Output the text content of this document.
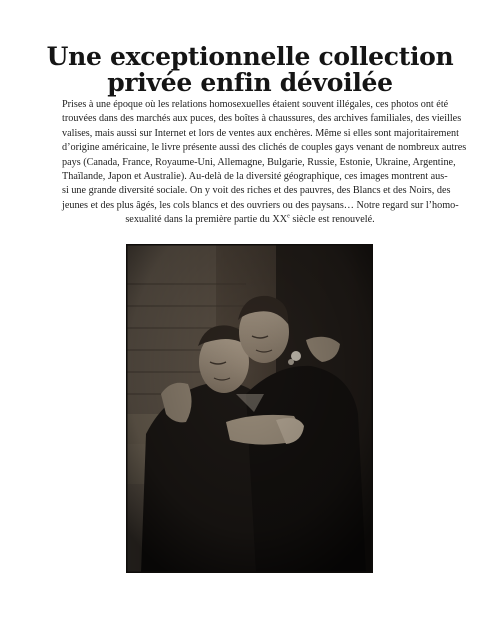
Une exceptionnelle collection
privée enfin dévoilée
Prises à une époque où les relations homosexuelles étaient souvent illégales, ces photos ont été
trouvées dans des marchés aux puces, des boîtes à chaussures, des archives familiales, des vieilles
valises, mais aussi sur Internet et lors de ventes aux enchères. Même si elles sont majoritairement
d’origine américaine, le livre présente aussi des clichés de couples gays venant de nombreux autres
pays (Canada, France, Royaume-Uni, Allemagne, Bulgarie, Russie, Estonie, Ukraine, Argentine,
Thaïlande, Japon et Australie). Au-delà de la diversité géographique, ces images montrent aus-
si une grande diversité sociale. On y voit des riches et des pauvres, des Blancs et des Noirs, des
jeunes et des plus âgés, les cols blancs et des ouvriers ou des paysans… Notre regard sur l’homo-
sexualité dans la première partie du XXe siècle est renouvelé.
